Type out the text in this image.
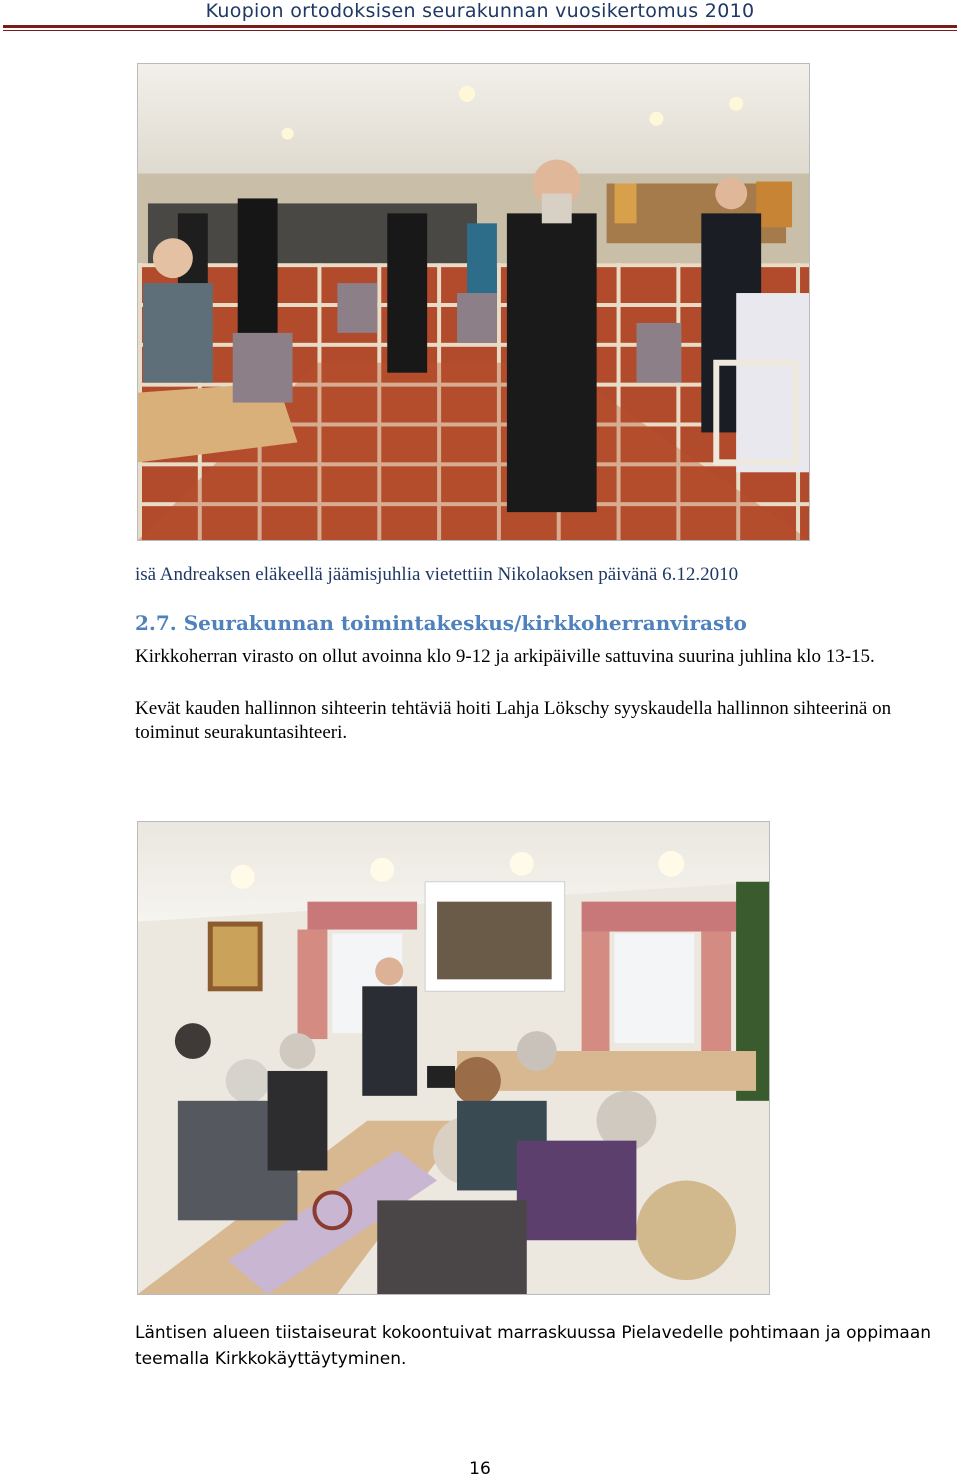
Kuopion ortodoksisen seurakunnan vuosikertomus 2010
isä Andreaksen eläkeellä jäämisjuhlia vietettiin Nikolaoksen päivänä 6.12.2010
2.7. Seurakunnan toimintakeskus/kirkkoherranvirasto

Kirkkoherran virasto on ollut avoinna klo 9-12 ja arkipäiville sattuvina suurina juhlina klo 13-15.

Kevät kauden hallinnon sihteerin tehtäviä hoiti Lahja Lökschy syyskaudella hallinnon sihteerinä on toiminut seurakuntasihteeri.

Läntisen alueen tiistaiseurat kokoontuivat marraskuussa Pielavedelle pohtimaan ja oppimaan teemalla Kirkkokäyttäytyminen.
16
